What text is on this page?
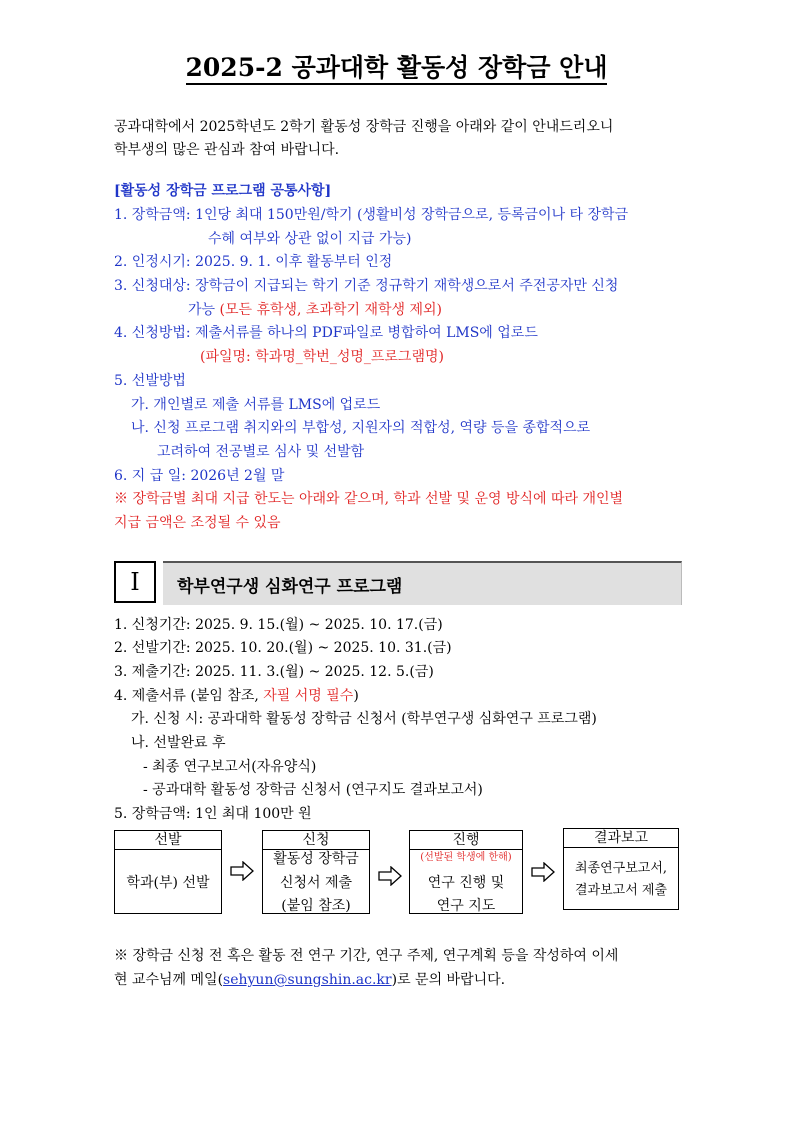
2025-2 공과대학 활동성 장학금 안내
공과대학에서 2025학년도 2학기 활동성 장학금 진행을 아래와 같이 안내드리오니
학부생의 많은 관심과 참여 바랍니다.
[활동성 장학금 프로그램 공통사항]
1. 장학금액: 1인당 최대 150만원/학기 (생활비성 장학금으로, 등록금이나 타 장학금
수혜 여부와 상관 없이 지급 가능)
2. 인정시기: 2025. 9. 1. 이후 활동부터 인정
3. 신청대상: 장학금이 지급되는 학기 기준 정규학기 재학생으로서 주전공자만 신청
가능 (모든 휴학생, 초과학기 재학생 제외)
4. 신청방법: 제출서류를 하나의 PDF파일로 병합하여 LMS에 업로드
(파일명: 학과명_학번_성명_프로그램명)
5. 선발방법
가. 개인별로 제출 서류를 LMS에 업로드
나. 신청 프로그램 취지와의 부합성, 지원자의 적합성, 역량 등을 종합적으로
고려하여 전공별로 심사 및 선발함
6. 지 급 일: 2026년 2월 말
※ 장학금별 최대 지급 한도는 아래와 같으며, 학과 선발 및 운영 방식에 따라 개인별
지급 금액은 조정될 수 있음
I	학부연구생 심화연구 프로그램
1. 신청기간: 2025. 9. 15.(월) ~ 2025. 10. 17.(금)
2. 선발기간: 2025. 10. 20.(월) ~ 2025. 10. 31.(금)
3. 제출기간: 2025. 11. 3.(월) ~ 2025. 12. 5.(금)
4. 제출서류 (붙임 참조, 자필 서명 필수)
가. 신청 시: 공과대학 활동성 장학금 신청서 (학부연구생 심화연구 프로그램)
나. 선발완료 후
- 최종 연구보고서(자유양식)
- 공과대학 활동성 장학금 신청서 (연구지도 결과보고서)
5. 장학금액: 1인 최대 100만 원
선발
학과(부) 선발
신청
활동성 장학금
신청서 제출
(붙임 참조)
진행
(선발된 학생에 한해)
연구 진행 및
연구 지도
결과보고
최종연구보고서,
결과보고서 제출
※ 장학금 신청 전 혹은 활동 전 연구 기간, 연구 주제, 연구계획 등을 작성하여 이세
현 교수님께 메일(sehyun@sungshin.ac.kr)로 문의 바랍니다.
